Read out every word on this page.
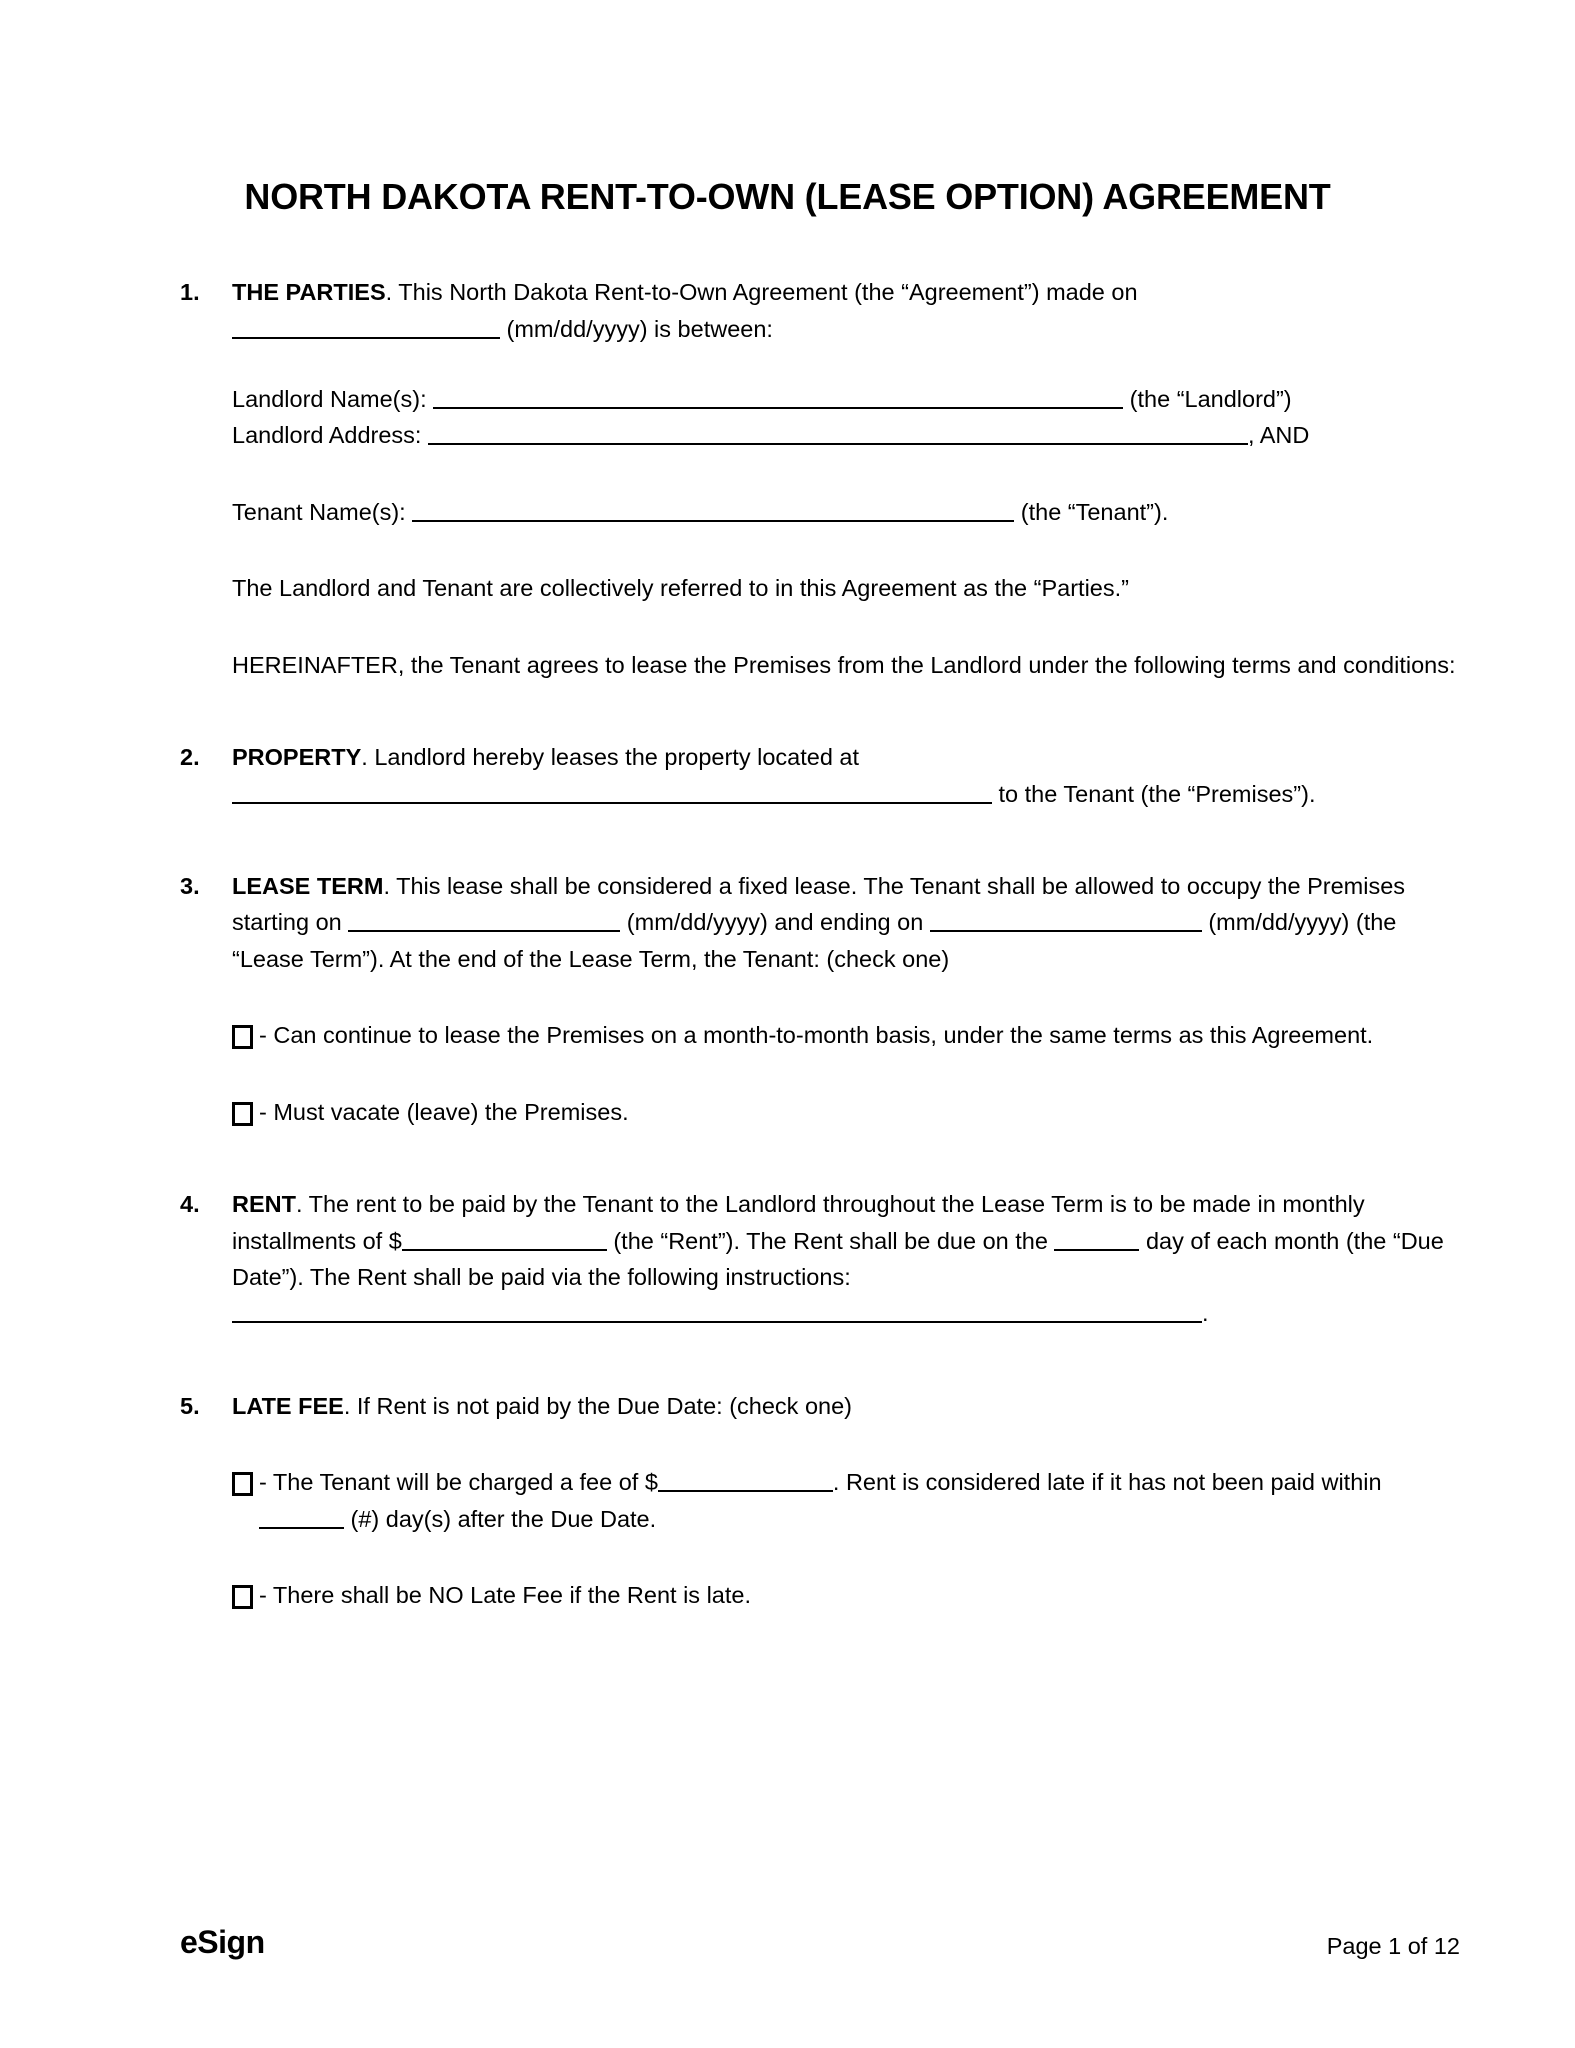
NORTH DAKOTA RENT-TO-OWN (LEASE OPTION) AGREEMENT
1.	THE PARTIES. This North Dakota Rent-to-Own Agreement (the “Agreement”) made on
(mm/dd/yyyy) is between:

Landlord Name(s):	(the “Landlord”)

Landlord Address:	, AND

Tenant Name(s):	(the “Tenant”).

The Landlord and Tenant are collectively referred to in this Agreement as the “Parties.”

HEREINAFTER, the Tenant agrees to lease the Premises from the Landlord under the following terms and conditions:

2.	PROPERTY. Landlord hereby leases the property located at  to the Tenant (the “Premises”).
3.	LEASE TERM. This lease shall be considered a fixed lease. The Tenant shall be allowed to occupy the Premises starting on	(mm/dd/yyyy) and ending on	(mm/dd/yyyy) (the “Lease Term”). At the end of the Lease Term, the Tenant: (check one)
- Can continue to lease the Premises on a month-to-month basis, under the same terms as this Agreement.
- Must vacate (leave) the Premises.
4.	RENT. The rent to be paid by the Tenant to the Landlord throughout the Lease Term is to be made in monthly installments of $	(the “Rent”). The Rent shall be due on the	day of each month (the “Due Date”). The Rent shall be paid via the following instructions: .
5.	LATE FEE. If Rent is not paid by the Due Date: (check one)
- The Tenant will be charged a fee of $	. Rent is considered late if it has not been paid within  (#) day(s) after the Due Date.
- There shall be NO Late Fee if the Rent is late.
eSign	Page 1 of 12
